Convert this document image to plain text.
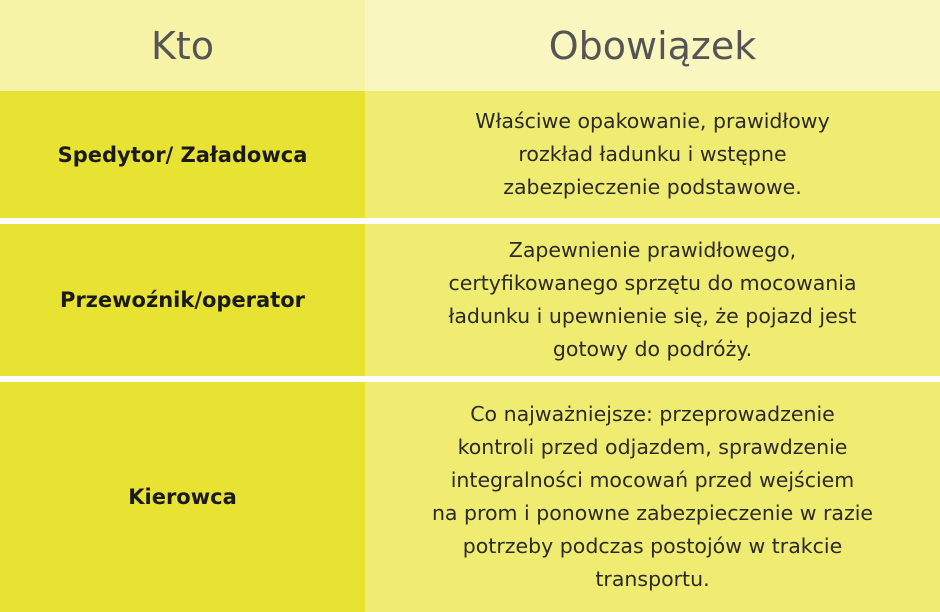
Kto	Obowiązek
Spedytor/ Załadowca
Właściwe opakowanie, prawidłowy
rozkład ładunku i wstępne
zabezpieczenie podstawowe.
Przewoźnik/operator
Zapewnienie prawidłowego,
certyfikowanego sprzętu do mocowania
ładunku i upewnienie się, że pojazd jest
gotowy do podróży.
Kierowca
Co najważniejsze: przeprowadzenie
kontroli przed odjazdem, sprawdzenie
integralności mocowań przed wejściem
na prom i ponowne zabezpieczenie w razie
potrzeby podczas postojów w trakcie
transportu.
